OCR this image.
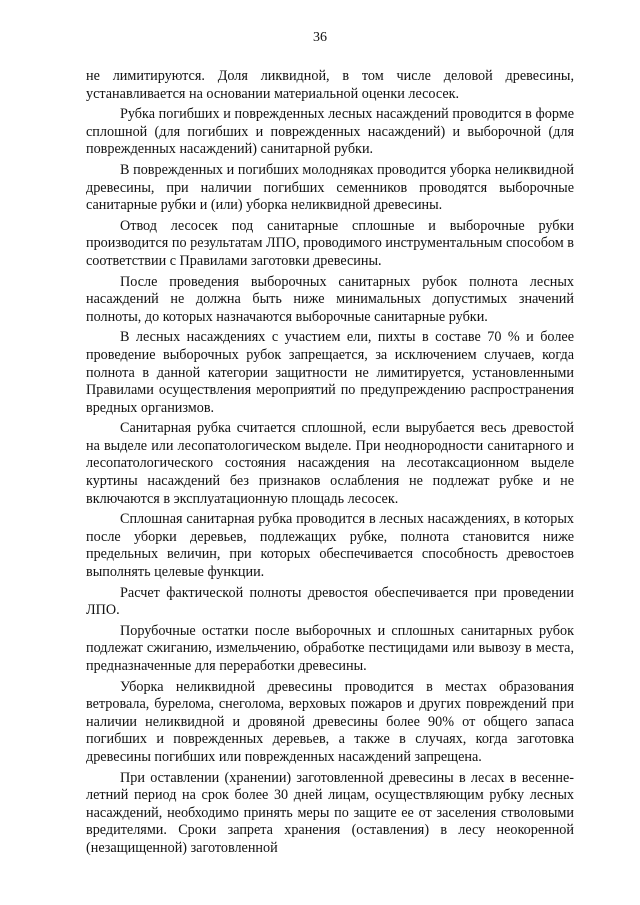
36

не лимитируются. Доля ликвидной, в том числе деловой древесины, устанавливается на основании материальной оценки лесосек.

Рубка погибших и поврежденных лесных насаждений проводится в форме сплошной (для погибших и поврежденных насаждений) и выборочной (для поврежденных насаждений) санитарной рубки.

В поврежденных и погибших молодняках проводится уборка неликвидной древесины, при наличии погибших семенников проводятся выборочные санитарные рубки и (или) уборка неликвидной древесины.

Отвод лесосек под санитарные сплошные и выборочные рубки производится по результатам ЛПО, проводимого инструментальным способом в соответствии с Правилами заготовки древесины.

После проведения выборочных санитарных рубок полнота лесных насаждений не должна быть ниже минимальных допустимых значений полноты, до которых назначаются выборочные санитарные рубки.

В лесных насаждениях с участием ели, пихты в составе 70 % и более проведение выборочных рубок запрещается, за исключением случаев, когда полнота в данной категории защитности не лимитируется, установленными Правилами осуществления мероприятий по предупреждению распространения вредных организмов.

Санитарная рубка считается сплошной, если вырубается весь древостой на выделе или лесопатологическом выделе. При неоднородности санитарного и лесопатологического состояния насаждения на лесотаксационном выделе куртины насаждений без признаков ослабления не подлежат рубке и не включаются в эксплуатационную площадь лесосек.

Сплошная санитарная рубка проводится в лесных насаждениях, в которых после уборки деревьев, подлежащих рубке, полнота становится ниже предельных величин, при которых обеспечивается способность древостоев выполнять целевые функции.

Расчет фактической полноты древостоя обеспечивается при проведении ЛПО.

Порубочные остатки после выборочных и сплошных санитарных рубок подлежат сжиганию, измельчению, обработке пестицидами или вывозу в места, предназначенные для переработки древесины.

Уборка неликвидной древесины проводится в местах образования ветровала, бурелома, снеголома, верховых пожаров и других повреждений при наличии неликвидной и дровяной древесины более 90% от общего запаса погибших и поврежденных деревьев, а также в случаях, когда заготовка древесины погибших или поврежденных насаждений запрещена.

При оставлении (хранении) заготовленной древесины в лесах в весенне-летний период на срок более 30 дней лицам, осуществляющим рубку лесных насаждений, необходимо принять меры по защите ее от заселения стволовыми вредителями. Сроки запрета хранения (оставления) в лесу неокоренной (незащищенной) заготовленной
